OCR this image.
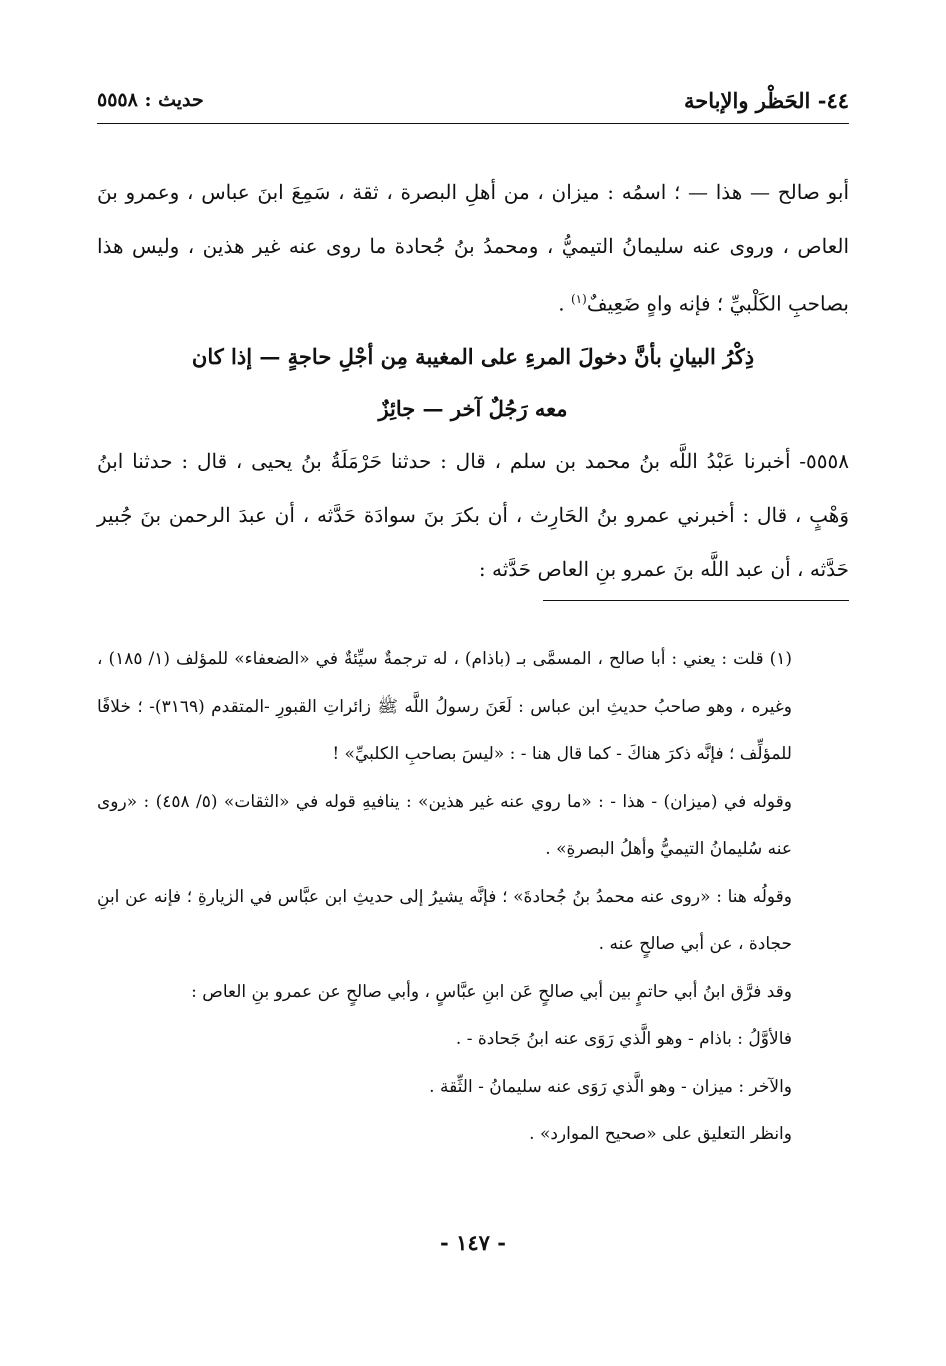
٤٤- الحَظْر والإباحة
حديث : ٥٥٥٨

أبو صالح — هذا — ؛ اسمُه : ميزان ، من أهلِ البصرة ، ثقة ، سَمِعَ ابنَ عباس ، وعمرو بنَ العاص ، وروى عنه سليمانُ التيميُّ ، ومحمدُ بنُ جُحادة ما روى عنه غير هذين ، وليس هذا بصاحبِ الكَلْبيِّ ؛ فإنه واهٍ ضَعِيفٌ$^{(١)}$ .

ذِكْرُ البيانِ بأنَّ دخولَ المرءِ على المغيبة مِن أجْلِ حاجةٍ — إذا كان
معه رَجُلٌ آخر — جائِزٌ

٥٥٥٨- أخبرنا عَبْدُ اللَّه بنُ محمد بن سلم ، قال : حدثنا حَرْمَلَةُ بنُ يحيى ، قال : حدثنا ابنُ وَهْبٍ ، قال : أخبرني عمرو بنُ الحَارِث ، أن بكرَ بنَ سوادَة حَدَّثه ، أن عبدَ الرحمن بنَ جُبير حَدَّثه ، أن عبد اللَّه بنَ عمرو بنِ العاص حَدَّثه :

(١) قلت : يعني : أبا صالح ، المسمَّى بـ (باذام) ، له ترجمةٌ سيِّئةٌ في «الضعفاء» للمؤلف (١/ ١٨٥) ، وغيره ، وهو صاحبُ حديثِ ابن عباس : لَعَنَ رسولُ اللَّه ﷺ زائراتِ القبورِ -المتقدم (٣١٦٩)- ؛ خلافًا للمؤلِّف ؛ فإنَّه ذكرَ هناكَ - كما قال هنا - : «ليسَ بصاحبِ الكلبيِّ» !

وقوله في (ميزان) - هذا - : «ما روي عنه غير هذين» : ينافيهِ قوله في «الثقات» (٥/ ٤٥٨) : «روى عنه سُليمانُ التيميُّ وأهلُ البصرةِ» .

وقولُه هنا : «روى عنه محمدُ بنُ جُحادةَ» ؛ فإنَّه يشيرُ إلى حديثِ ابن عبَّاس في الزيارةِ ؛ فإنه عن ابنِ حجادة ، عن أبي صالحٍ عنه .

وقد فرَّق ابنُ أبي حاتمٍ بين أبي صالحٍ عَن ابنِ عبَّاسٍ ، وأبي صالحٍ عن عمرو بنِ العاص :

فالأوَّلُ : باذام - وهو الَّذي رَوَى عنه ابنُ جَحادة - .

والآخر : ميزان - وهو الَّذي رَوَى عنه سليمانُ - الثِّقة .

وانظر التعليق على «صحيح الموارد» .

- ١٤٧ -
